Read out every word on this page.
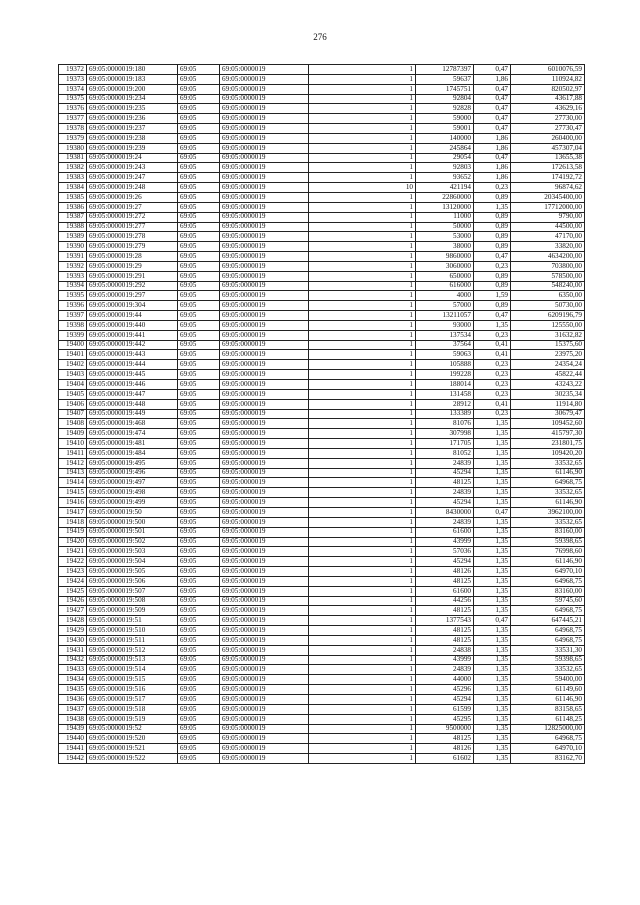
276
19372	69:05:0000019:180	69:05	69:05:0000019	1	12787397	0,47	6010076,59
19373	69:05:0000019:183	69:05	69:05:0000019	1	59637	1,86	110924,82
19374	69:05:0000019:200	69:05	69:05:0000019	1	1745751	0,47	820502,97
19375	69:05:0000019:234	69:05	69:05:0000019	1	92804	0,47	43617,88
19376	69:05:0000019:235	69:05	69:05:0000019	1	92828	0,47	43629,16
19377	69:05:0000019:236	69:05	69:05:0000019	1	59000	0,47	27730,00
19378	69:05:0000019:237	69:05	69:05:0000019	1	59001	0,47	27730,47
19379	69:05:0000019:238	69:05	69:05:0000019	1	140000	1,86	260400,00
19380	69:05:0000019:239	69:05	69:05:0000019	1	245864	1,86	457307,04
19381	69:05:0000019:24	69:05	69:05:0000019	1	29054	0,47	13655,38
19382	69:05:0000019:243	69:05	69:05:0000019	1	92803	1,86	172613,58
19383	69:05:0000019:247	69:05	69:05:0000019	1	93652	1,86	174192,72
19384	69:05:0000019:248	69:05	69:05:0000019	10	421194	0,23	96874,62
19385	69:05:0000019:26	69:05	69:05:0000019	1	22860000	0,89	20345400,00
19386	69:05:0000019:27	69:05	69:05:0000019	1	13120000	1,35	17712000,00
19387	69:05:0000019:272	69:05	69:05:0000019	1	11000	0,89	9790,00
19388	69:05:0000019:277	69:05	69:05:0000019	1	50000	0,89	44500,00
19389	69:05:0000019:278	69:05	69:05:0000019	1	53000	0,89	47170,00
19390	69:05:0000019:279	69:05	69:05:0000019	1	38000	0,89	33820,00
19391	69:05:0000019:28	69:05	69:05:0000019	1	9860000	0,47	4634200,00
19392	69:05:0000019:29	69:05	69:05:0000019	1	3060000	0,23	703800,00
19393	69:05:0000019:291	69:05	69:05:0000019	1	650000	0,89	578500,00
19394	69:05:0000019:292	69:05	69:05:0000019	1	616000	0,89	548240,00
19395	69:05:0000019:297	69:05	69:05:0000019	1	4000	1,59	6350,00
19396	69:05:0000019:304	69:05	69:05:0000019	1	57000	0,89	50730,00
19397	69:05:0000019:44	69:05	69:05:0000019	1	13211057	0,47	6209196,79
19398	69:05:0000019:440	69:05	69:05:0000019	1	93000	1,35	125550,00
19399	69:05:0000019:441	69:05	69:05:0000019	1	137534	0,23	31632,82
19400	69:05:0000019:442	69:05	69:05:0000019	1	37564	0,41	15375,60
19401	69:05:0000019:443	69:05	69:05:0000019	1	59063	0,41	23975,20
19402	69:05:0000019:444	69:05	69:05:0000019	1	105888	0,23	24354,24
19403	69:05:0000019:445	69:05	69:05:0000019	1	199228	0,23	45822,44
19404	69:05:0000019:446	69:05	69:05:0000019	1	188014	0,23	43243,22
19405	69:05:0000019:447	69:05	69:05:0000019	1	131458	0,23	30235,34
19406	69:05:0000019:448	69:05	69:05:0000019	1	28912	0,41	11914,80
19407	69:05:0000019:449	69:05	69:05:0000019	1	133389	0,23	30679,47
19408	69:05:0000019:468	69:05	69:05:0000019	1	81076	1,35	109452,60
19409	69:05:0000019:474	69:05	69:05:0000019	1	307998	1,35	415797,30
19410	69:05:0000019:481	69:05	69:05:0000019	1	171705	1,35	231801,75
19411	69:05:0000019:484	69:05	69:05:0000019	1	81052	1,35	109420,20
19412	69:05:0000019:495	69:05	69:05:0000019	1	24839	1,35	33532,65
19413	69:05:0000019:496	69:05	69:05:0000019	1	45294	1,35	61146,90
19414	69:05:0000019:497	69:05	69:05:0000019	1	48125	1,35	64968,75
19415	69:05:0000019:498	69:05	69:05:0000019	1	24839	1,35	33532,65
19416	69:05:0000019:499	69:05	69:05:0000019	1	45294	1,35	61146,90
19417	69:05:0000019:50	69:05	69:05:0000019	1	8430000	0,47	3962100,00
19418	69:05:0000019:500	69:05	69:05:0000019	1	24839	1,35	33532,65
19419	69:05:0000019:501	69:05	69:05:0000019	1	61600	1,35	83160,00
19420	69:05:0000019:502	69:05	69:05:0000019	1	43999	1,35	59398,65
19421	69:05:0000019:503	69:05	69:05:0000019	1	57036	1,35	76998,60
19422	69:05:0000019:504	69:05	69:05:0000019	1	45294	1,35	61146,90
19423	69:05:0000019:505	69:05	69:05:0000019	1	48126	1,35	64970,10
19424	69:05:0000019:506	69:05	69:05:0000019	1	48125	1,35	64968,75
19425	69:05:0000019:507	69:05	69:05:0000019	1	61600	1,35	83160,00
19426	69:05:0000019:508	69:05	69:05:0000019	1	44256	1,35	59745,60
19427	69:05:0000019:509	69:05	69:05:0000019	1	48125	1,35	64968,75
19428	69:05:0000019:51	69:05	69:05:0000019	1	1377543	0,47	647445,21
19429	69:05:0000019:510	69:05	69:05:0000019	1	48125	1,35	64968,75
19430	69:05:0000019:511	69:05	69:05:0000019	1	48125	1,35	64968,75
19431	69:05:0000019:512	69:05	69:05:0000019	1	24838	1,35	33531,30
19432	69:05:0000019:513	69:05	69:05:0000019	1	43999	1,35	59398,65
19433	69:05:0000019:514	69:05	69:05:0000019	1	24839	1,35	33532,65
19434	69:05:0000019:515	69:05	69:05:0000019	1	44000	1,35	59400,00
19435	69:05:0000019:516	69:05	69:05:0000019	1	45296	1,35	61149,60
19436	69:05:0000019:517	69:05	69:05:0000019	1	45294	1,35	61146,90
19437	69:05:0000019:518	69:05	69:05:0000019	1	61599	1,35	83158,65
19438	69:05:0000019:519	69:05	69:05:0000019	1	45295	1,35	61148,25
19439	69:05:0000019:52	69:05	69:05:0000019	1	9500000	1,35	12825000,00
19440	69:05:0000019:520	69:05	69:05:0000019	1	48125	1,35	64968,75
19441	69:05:0000019:521	69:05	69:05:0000019	1	48126	1,35	64970,10
19442	69:05:0000019:522	69:05	69:05:0000019	1	61602	1,35	83162,70
